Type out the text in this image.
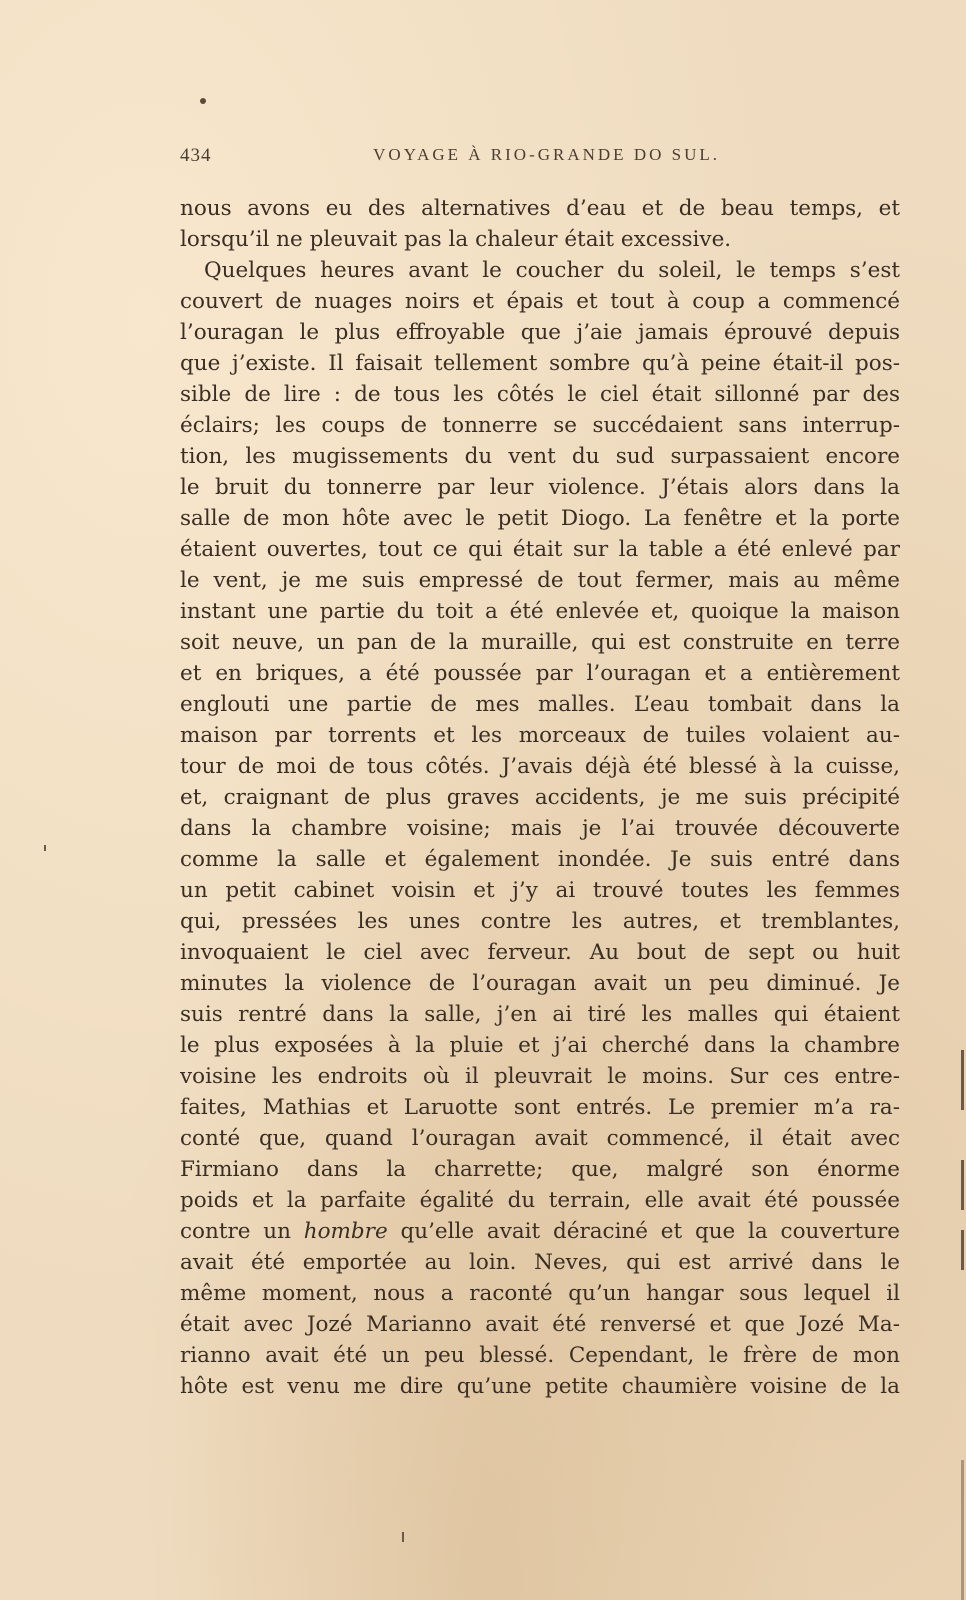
434	VOYAGE À RIO-GRANDE DO SUL.
nous avons eu des alternatives d’eau et de beau temps, et
lorsqu’il ne pleuvait pas la chaleur était excessive.
Quelques heures avant le coucher du soleil, le temps s’est
couvert de nuages noirs et épais et tout à coup a commencé
l’ouragan le plus effroyable que j’aie jamais éprouvé depuis
que j’existe. Il faisait tellement sombre qu’à peine était-il pos-
sible de lire : de tous les côtés le ciel était sillonné par des
éclairs; les coups de tonnerre se succédaient sans interrup-
tion, les mugissements du vent du sud surpassaient encore
le bruit du tonnerre par leur violence. J’étais alors dans la
salle de mon hôte avec le petit Diogo. La fenêtre et la porte
étaient ouvertes, tout ce qui était sur la table a été enlevé par
le vent, je me suis empressé de tout fermer, mais au même
instant une partie du toit a été enlevée et, quoique la maison
soit neuve, un pan de la muraille, qui est construite en terre
et en briques, a été poussée par l’ouragan et a entièrement
englouti une partie de mes malles. L’eau tombait dans la
maison par torrents et les morceaux de tuiles volaient au-
tour de moi de tous côtés. J’avais déjà été blessé à la cuisse,
et, craignant de plus graves accidents, je me suis précipité
dans la chambre voisine; mais je l’ai trouvée découverte
comme la salle et également inondée. Je suis entré dans
un petit cabinet voisin et j’y ai trouvé toutes les femmes
qui, pressées les unes contre les autres, et tremblantes,
invoquaient le ciel avec ferveur. Au bout de sept ou huit
minutes la violence de l’ouragan avait un peu diminué. Je
suis rentré dans la salle, j’en ai tiré les malles qui étaient
le plus exposées à la pluie et j’ai cherché dans la chambre
voisine les endroits où il pleuvrait le moins. Sur ces entre-
faites, Mathias et Laruotte sont entrés. Le premier m’a ra-
conté que, quand l’ouragan avait commencé, il était avec
Firmiano dans la charrette; que, malgré son énorme
poids et la parfaite égalité du terrain, elle avait été poussée
contre un hombre qu’elle avait déraciné et que la couverture
avait été emportée au loin. Neves, qui est arrivé dans le
même moment, nous a raconté qu’un hangar sous lequel il
était avec Jozé Marianno avait été renversé et que Jozé Ma-
rianno avait été un peu blessé. Cependant, le frère de mon
hôte est venu me dire qu’une petite chaumière voisine de la
